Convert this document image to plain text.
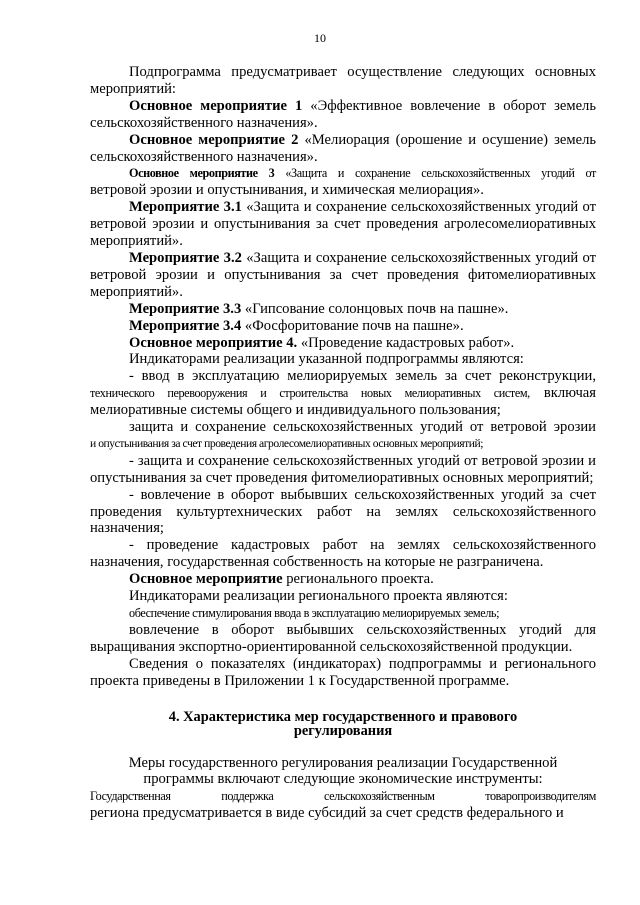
10

Подпрограмма предусматривает осуществление следующих основных мероприятий:

Основное мероприятие 1 «Эффективное вовлечение в оборот земель сельскохозяйственного назначения».

Основное мероприятие 2 «Мелиорация (орошение и осушение) земель сельскохозяйственного назначения».

Основное мероприятие 3 «Защита и сохранение сельскохозяйственных угодий от

ветровой эрозии и опустынивания, и химическая мелиорация».

Мероприятие 3.1 «Защита и сохранение сельскохозяйственных угодий от ветровой эрозии и опустынивания за счет проведения агролесомелиоративных мероприятий».

Мероприятие 3.2 «Защита и сохранение сельскохозяйственных угодий от ветровой эрозии и опустынивания за счет проведения фитомелиоративных мероприятий».

Мероприятие 3.3 «Гипсование солонцовых почв на пашне».

Мероприятие 3.4 «Фосфоритование почв на пашне».

Основное мероприятие 4. «Проведение кадастровых работ».

Индикаторами реализации указанной подпрограммы являются:

- ввод в эксплуатацию мелиорируемых земель за счет реконструкции,

технического перевооружения и строительства новых мелиоративных систем, включая мелиоративные системы общего и индивидуального пользования;

защита и сохранение сельскохозяйственных угодий от ветровой эрозии

и опустынивания за счет проведения агролесомелиоративных основных мероприятий;

- защита и сохранение сельскохозяйственных угодий от ветровой эрозии и опустынивания за счет проведения фитомелиоративных основных мероприятий;

- вовлечение в оборот выбывших сельскохозяйственных угодий за счет проведения культуртехнических работ на землях сельскохозяйственного назначения;

- проведение кадастровых работ на землях сельскохозяйственного назначения, государственная собственность на которые не разграничена.

Основное мероприятие регионального проекта.

Индикаторами реализации регионального проекта являются:

обеспечение стимулирования ввода в эксплуатацию мелиорируемых земель;

вовлечение в оборот выбывших сельскохозяйственных угодий для выращивания экспортно-ориентированной сельскохозяйственной продукции.

Сведения о показателях (индикаторах) подпрограммы и регионального проекта приведены в Приложении 1 к Государственной программе.

4. Характеристика мер государственного и правового
регулирования

Меры государственного регулирования реализации Государственной

программы включают следующие экономические инструменты:

Государственная поддержка сельскохозяйственным товаропроизводителям

региона предусматривается в виде субсидий за счет средств федерального и
